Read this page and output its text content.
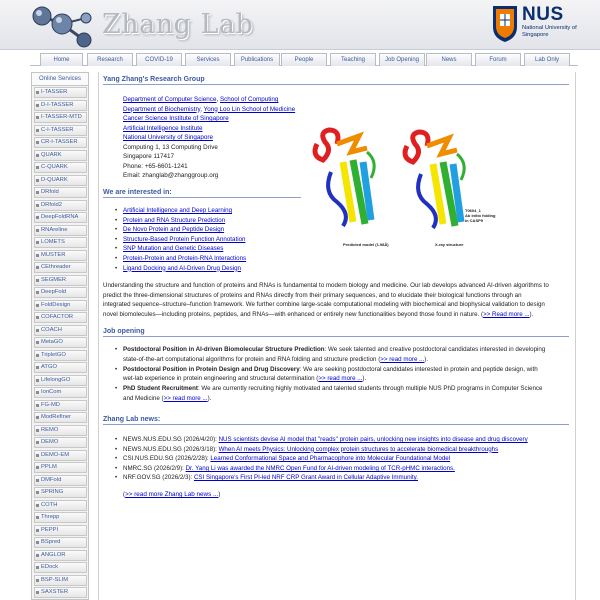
Zhang Lab	NUS
National University of Singapore
Home	Research	COVID-19	Services	Publications	People	Teaching	Job Opening	News	Forum	Lab Only
Online Services
I-TASSER
D-I-TASSER
I-TASSER-MTD
C-I-TASSER
CR-I-TASSER
QUARK
C-QUARK
D-QUARK
DRfold
DRfold2
DeepFoldRNA
RNAreline
LOMETS
MUSTER
CEthreader
SEGMER
DeepFold
FoldDesign
COFACTOR
COACH
MetaGO
TripletGO
ATGO
LifelongGO
IonCom
FG-MD
ModRefiner
REMO
DEMO
DEMO-EM
PPLM
DMFold
SPRING
COTH
Threpp
PEPPI
BSpred
ANGLOR
EDock
BSP-SLIM
SAXSTER
Yang Zhang's Research Group
Department of Computer Science, School of Computing
Department of Biochemistry, Yong Loo Lin School of Medicine
Cancer Science Institute of Singapore
Artificial Intelligence Institute
National University of Singapore
Computing 1, 13 Computing Drive
Singapore 117417
Phone: +65-6601-1241
Email: zhanglab@zhanggroup.org
We are interested in:
• Artificial Intelligence and Deep Learning
• Protein and RNA Structure Prediction
• De Novo Protein and Peptide Design
• Structure-Based Protein Function Annotation
• SNP Mutation and Genetic Diseases
• Protein-Protein and Protein-RNA Interactions
• Ligand Docking and AI-Driven Drug Design
T0604_1
Ab initio folding
in CASP9
Predicted model (1.98Å)	X-ray structure
Understanding the structure and function of proteins and RNAs is fundamental to modern biology and medicine. Our lab develops advanced AI-driven algorithms to
predict the three-dimensional structures of proteins and RNAs directly from their primary sequences, and to elucidate their biological functions through an
integrated sequence–structure–function framework. We further combine large-scale computational modeling with biochemical and biophysical validation to design
novel biomolecules—including proteins, peptides, and RNAs—with enhanced or entirely new functionalities beyond those found in nature. (>> Read more ...).
Job opening
• Postdoctoral Position in AI-driven Biomolecular Structure Prediction: We seek talented and creative postdoctoral candidates interested in developing
state-of-the-art computational algorithms for protein and RNA folding and structure prediction (>> read more ...).
• Postdoctoral Position in Protein Design and Drug Discovery: We are seeking postdoctoral candidates interested in protein and peptide design, with
wet-lab experience in protein engineering and structural determination (>> read more ...).
• PhD Student Recruitment: We are currently recruiting highly motivated and talented students through multiple NUS PhD programs in Computer Science
and Medicine (>> read more ...).
Zhang Lab news:
• NEWS.NUS.EDU.SG (2026/4/20): NUS scientists devise AI model that "reads" protein pairs, unlocking new insights into disease and drug discovery
• NEWS.NUS.EDU.SG (2026/3/18): When AI meets Physics: Unlocking complex protein structures to accelerate biomedical breakthroughs
• CSI.NUS.EDU.SG (2026/2/28): Learned Conformational Space and Pharmacophore into Molecular Foundational Model
• NMRC.SG (2026/2/9): Dr. Yang Li was awarded the NMRC Open Fund for AI-driven modeling of TCR-pHMC interactions.
• NRF.GOV.SG (2026/2/3): CSI Singapore's First PI-led NRF CRP Grant Award in Cellular Adaptive Immunity.
(>> read more Zhang Lab news ...)
